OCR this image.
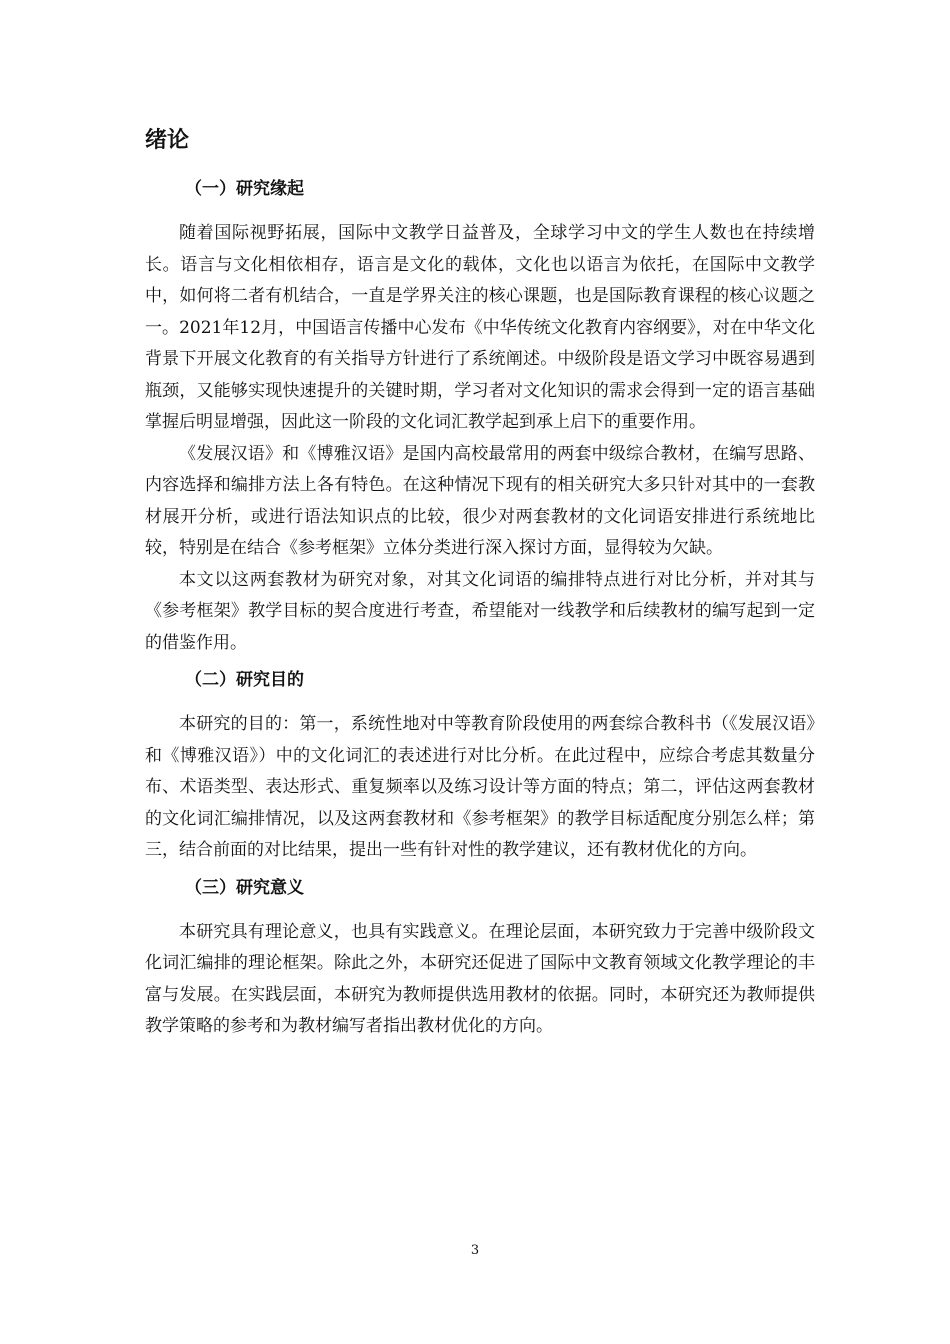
绪论
（一）研究缘起

随着国际视野拓展，国际中文教学日益普及，全球学习中文的学生人数也在持续增长。语言与文化相依相存，语言是文化的载体，文化也以语言为依托，在国际中文教学中，如何将二者有机结合，一直是学界关注的核心课题，也是国际教育课程的核心议题之一。2021年12月，中国语言传播中心发布《中华传统文化教育内容纲要》，对在中华文化背景下开展文化教育的有关指导方针进行了系统阐述。中级阶段是语文学习中既容易遇到瓶颈，又能够实现快速提升的关键时期，学习者对文化知识的需求会得到一定的语言基础掌握后明显增强，因此这一阶段的文化词汇教学起到承上启下的重要作用。

《发展汉语》和《博雅汉语》是国内高校最常用的两套中级综合教材，在编写思路、内容选择和编排方法上各有特色。在这种情况下现有的相关研究大多只针对其中的一套教材展开分析，或进行语法知识点的比较，很少对两套教材的文化词语安排进行系统地比较，特别是在结合《参考框架》立体分类进行深入探讨方面，显得较为欠缺。

本文以这两套教材为研究对象，对其文化词语的编排特点进行对比分析，并对其与《参考框架》教学目标的契合度进行考查，希望能对一线教学和后续教材的编写起到一定的借鉴作用。

（二）研究目的

本研究的目的：第一，系统性地对中等教育阶段使用的两套综合教科书（《发展汉语》和《博雅汉语》）中的文化词汇的表述进行对比分析。在此过程中，应综合考虑其数量分布、术语类型、表达形式、重复频率以及练习设计等方面的特点；第二，评估这两套教材的文化词汇编排情况，以及这两套教材和《参考框架》的教学目标适配度分别怎么样；第三，结合前面的对比结果，提出一些有针对性的教学建议，还有教材优化的方向。

（三）研究意义

本研究具有理论意义，也具有实践意义。在理论层面，本研究致力于完善中级阶段文化词汇编排的理论框架。除此之外，本研究还促进了国际中文教育领域文化教学理论的丰富与发展。在实践层面，本研究为教师提供选用教材的依据。同时，本研究还为教师提供教学策略的参考和为教材编写者指出教材优化的方向。

3
